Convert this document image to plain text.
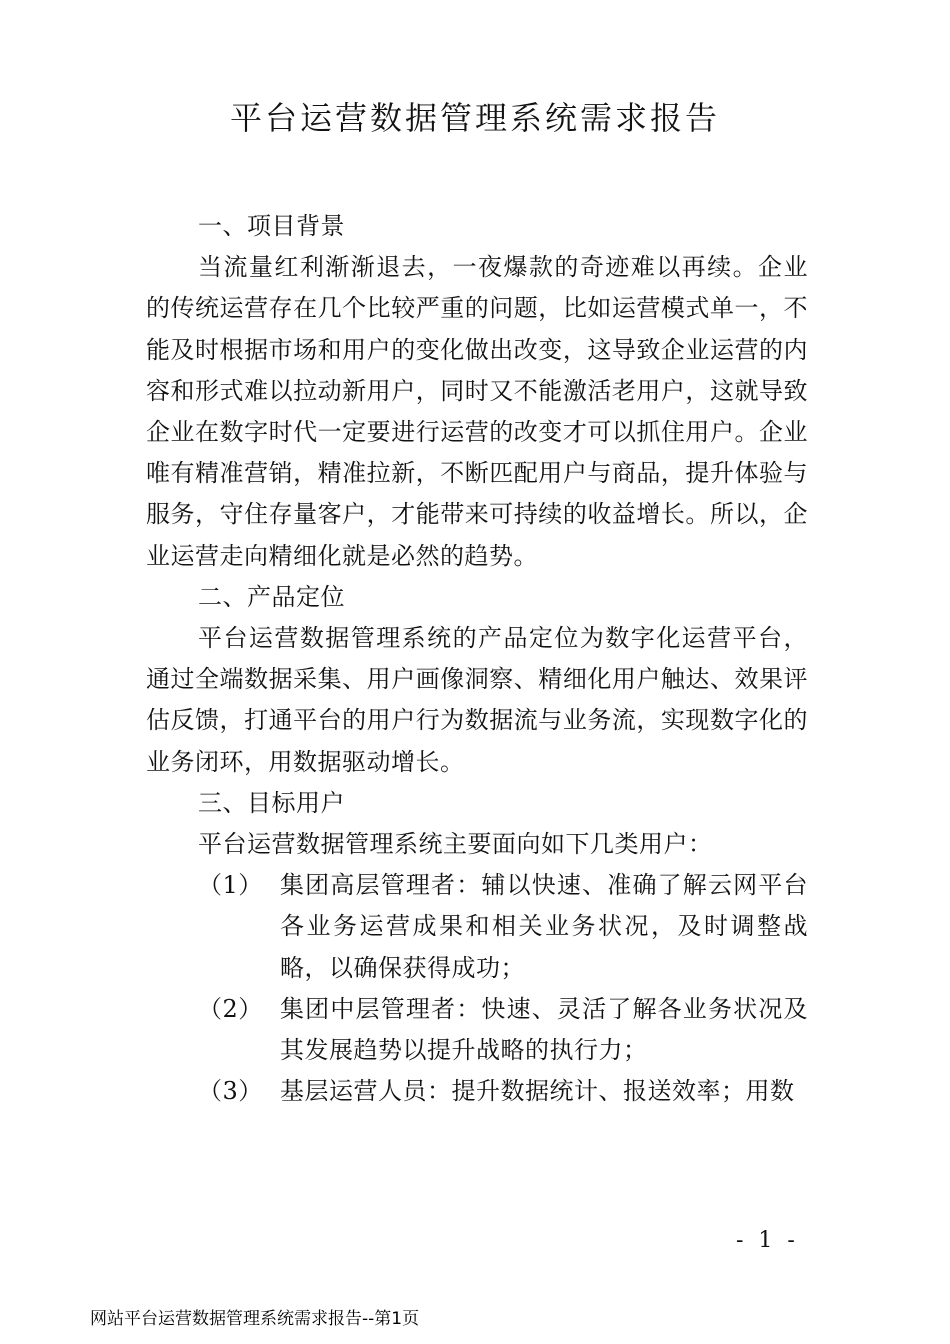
平台运营数据管理系统需求报告
一、项目背景

当流量红利渐渐退去，一夜爆款的奇迹难以再续。企业的传统运营存在几个比较严重的问题，比如运营模式单一，不能及时根据市场和用户的变化做出改变，这导致企业运营的内容和形式难以拉动新用户，同时又不能激活老用户，这就导致企业在数字时代一定要进行运营的改变才可以抓住用户。企业唯有精准营销，精准拉新，不断匹配用户与商品，提升体验与服务，守住存量客户，才能带来可持续的收益增长。所以，企业运营走向精细化就是必然的趋势。

二、产品定位

平台运营数据管理系统的产品定位为数字化运营平台，通过全端数据采集、用户画像洞察、精细化用户触达、效果评估反馈，打通平台的用户行为数据流与业务流，实现数字化的业务闭环，用数据驱动增长。

三、目标用户

平台运营数据管理系统主要面向如下几类用户：

（1） 集团高层管理者：辅以快速、准确了解云网平台各业务运营成果和相关业务状况，及时调整战略，以确保获得成功；
（2） 集团中层管理者：快速、灵活了解各业务状况及其发展趋势以提升战略的执行力；
（3） 基层运营人员：提升数据统计、报送效率；用数
- 1 -
网站平台运营数据管理系统需求报告--第1页
